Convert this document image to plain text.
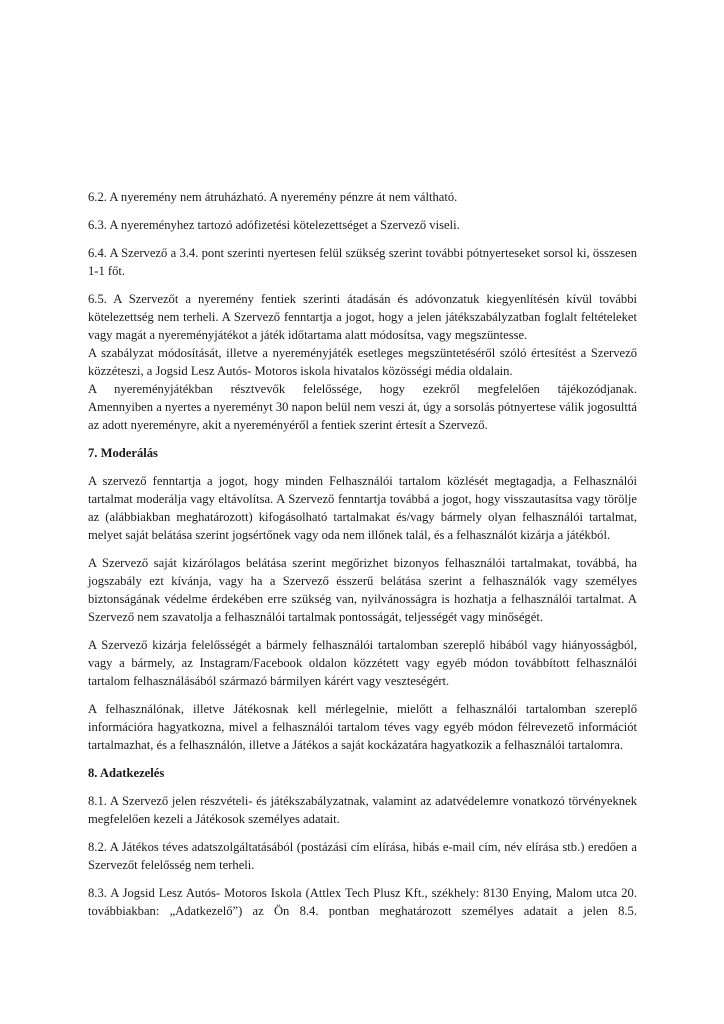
6.2. A nyeremény nem átruházható. A nyeremény pénzre át nem váltható.

6.3. A nyereményhez tartozó adófizetési kötelezettséget a Szervező viseli.

6.4. A Szervező a 3.4. pont szerinti nyertesen felül szükség szerint további pótnyerteseket sorsol ki, összesen 1-1 főt.

6.5. A Szervezőt a nyeremény fentiek szerinti átadásán és adóvonzatuk kiegyenlítésén kívül további kötelezettség nem terheli. A Szervező fenntartja a jogot, hogy a jelen játékszabályzatban foglalt feltételeket vagy magát a nyereményjátékot a játék időtartama alatt módosítsa, vagy megszüntesse.

A szabályzat módosítását, illetve a nyereményjáték esetleges megszüntetéséről szóló értesítést a Szervező közzéteszi, a Jogsid Lesz Autós- Motoros iskola hivatalos közösségi média oldalain.

A nyereményjátékban résztvevők felelőssége, hogy ezekről megfelelően tájékozódjanak.

Amennyiben a nyertes a nyereményt 30 napon belül nem veszi át, úgy a sorsolás pótnyertese válik jogosulttá az adott nyereményre, akit a nyereményéről a fentiek szerint értesít a Szervező.

7. Moderálás

A szervező fenntartja a jogot, hogy minden Felhasználói tartalom közlését megtagadja, a Felhasználói tartalmat moderálja vagy eltávolítsa. A Szervező fenntartja továbbá a jogot, hogy visszautasítsa vagy törölje az (alábbiakban meghatározott) kifogásolható tartalmakat és/vagy bármely olyan felhasználói tartalmat, melyet saját belátása szerint jogsértőnek vagy oda nem illőnek talál, és a felhasználót kizárja a játékból.

A Szervező saját kizárólagos belátása szerint megőrizhet bizonyos felhasználói tartalmakat, továbbá, ha jogszabály ezt kívánja, vagy ha a Szervező ésszerű belátása szerint a felhasználók vagy személyes biztonságának védelme érdekében erre szükség van, nyilvánosságra is hozhatja a felhasználói tartalmat. A Szervező nem szavatolja a felhasználói tartalmak pontosságát, teljességét vagy minőségét.

A Szervező kizárja felelősségét a bármely felhasználói tartalomban szereplő hibából vagy hiányosságból, vagy a bármely, az Instagram/Facebook oldalon közzétett vagy egyéb módon továbbított felhasználói tartalom felhasználásából származó bármilyen kárért vagy veszteségért.

A felhasználónak, illetve Játékosnak kell mérlegelnie, mielőtt a felhasználói tartalomban szereplő információra hagyatkozna, mivel a felhasználói tartalom téves vagy egyéb módon félrevezető információt tartalmazhat, és a felhasználón, illetve a Játékos a saját kockázatára hagyatkozik a felhasználói tartalomra.

8. Adatkezelés

8.1. A Szervező jelen részvételi- és játékszabályzatnak, valamint az adatvédelemre vonatkozó törvényeknek megfelelően kezeli a Játékosok személyes adatait.

8.2. A Játékos téves adatszolgáltatásából (postázási cím elírása, hibás e-mail cím, név elírása stb.) eredően a Szervezőt felelősség nem terheli.

8.3. A Jogsid Lesz Autós- Motoros Iskola (Attlex Tech Plusz Kft., székhely: 8130 Enying, Malom utca 20. továbbiakban: „Adatkezelő”) az Ön 8.4. pontban meghatározott személyes adatait a jelen 8.5.
